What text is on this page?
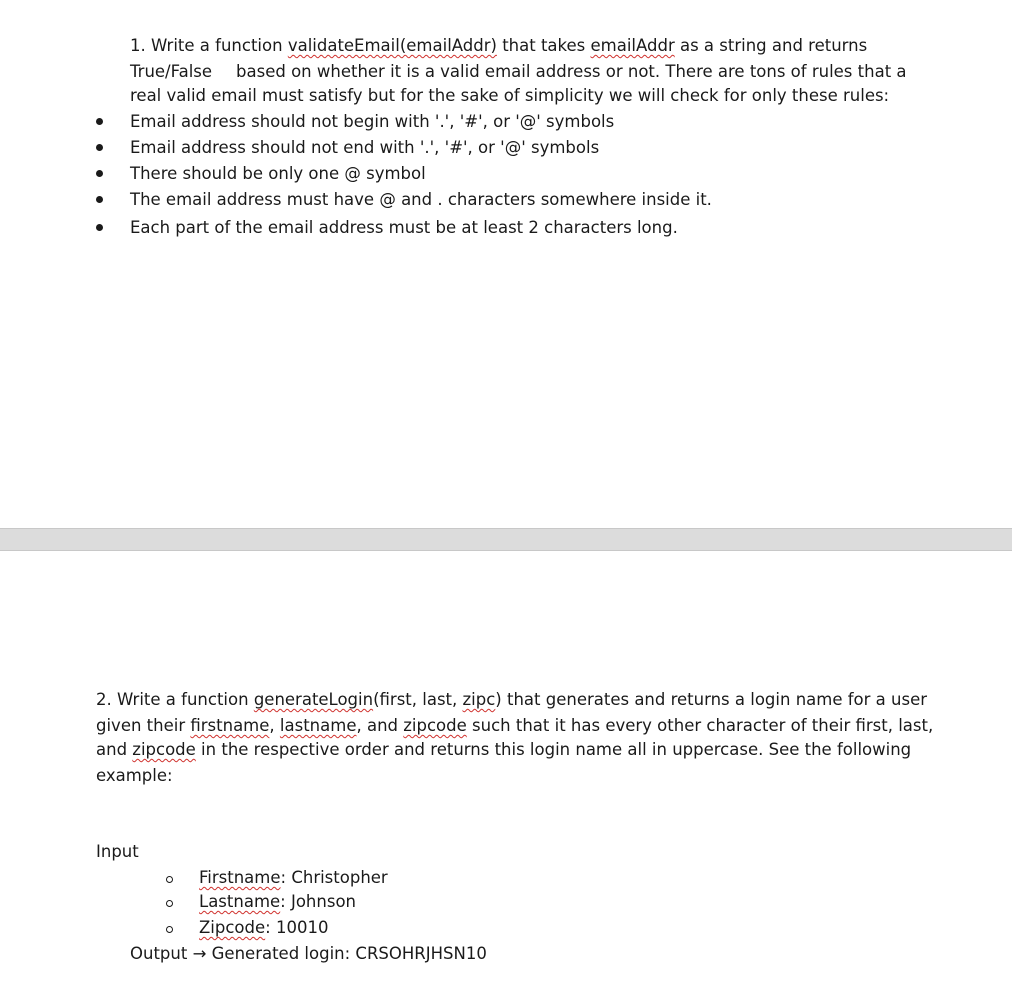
1. Write a function validateEmail(emailAddr) that takes emailAddr as a string and returns
True/False based on whether it is a valid email address or not. There are tons of rules that a
real valid email must satisfy but for the sake of simplicity we will check for only these rules:
Email address should not begin with '.', '#', or '@' symbols
Email address should not end with '.', '#', or '@' symbols
There should be only one @ symbol
The email address must have @ and . characters somewhere inside it.
Each part of the email address must be at least 2 characters long.
2. Write a function generateLogin(first, last, zipc) that generates and returns a login name for a user
given their firstname, lastname, and zipcode such that it has every other character of their first, last,
and zipcode in the respective order and returns this login name all in uppercase. See the following
example:
Input
Firstname: Christopher
Lastname: Johnson
Zipcode: 10010
Output → Generated login: CRSOHRJHSN10
